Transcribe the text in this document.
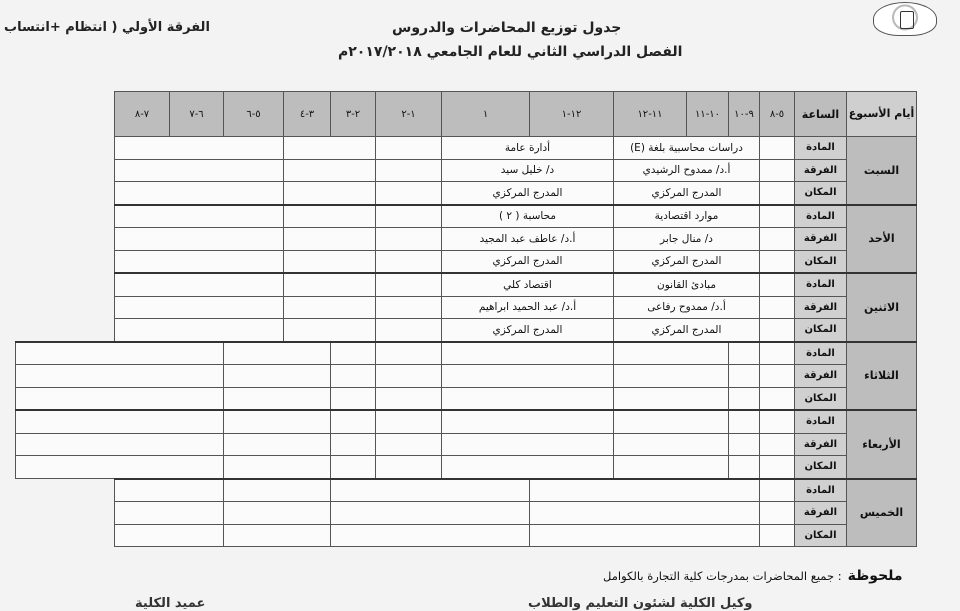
جدول توزيع المحاضرات والدروس
الفصل الدراسي الثاني للعام الجامعي ٢٠١٧/٢٠١٨م
الفرقة الأولي ( انتظام +انتساب
أيام الأسبوع	الساعة	٥-٨	٩-١٠	١٠-١١	١١-١٢	١٢-١	١	١-٢	٢-٣	٣-٤	٥-٦	٦-٧	٧-٨
السبت	المادة		دراسات محاسبية بلغة (E)			أدارة عامة							
	الفرقة		أ.د/ ممدوح الرشيدي			د/ خليل سيد							
	المكان		المدرج المركزي			المدرج المركزي							
الأحد	المادة		موارد اقتصادية			محاسبة ( ٢ )							
	الفرقة		د/ منال جابر			أ.د/ عاطف عبد المجيد							
	المكان		المدرج المركزي			المدرج المركزي							
الاثنين	المادة		مبادئ القانون			اقتصاد كلي							
	الفرقة		أ.د/ ممدوح رفاعى			أ.د/ عبد الحميد ابراهيم							
	المكان		المدرج المركزي			المدرج المركزي							
الثلاثاء	المادة												
	الفرقة												
	المكان												
الأربعاء	المادة												
	الفرقة												
	المكان												
الخميس	المادة												
	الفرقة												
	المكان												
ملحوظة: جميع المحاضرات بمدرجات كلية التجارة بالكوامل
عميد الكلية	وكيل الكلية لشئون التعليم والطلاب
